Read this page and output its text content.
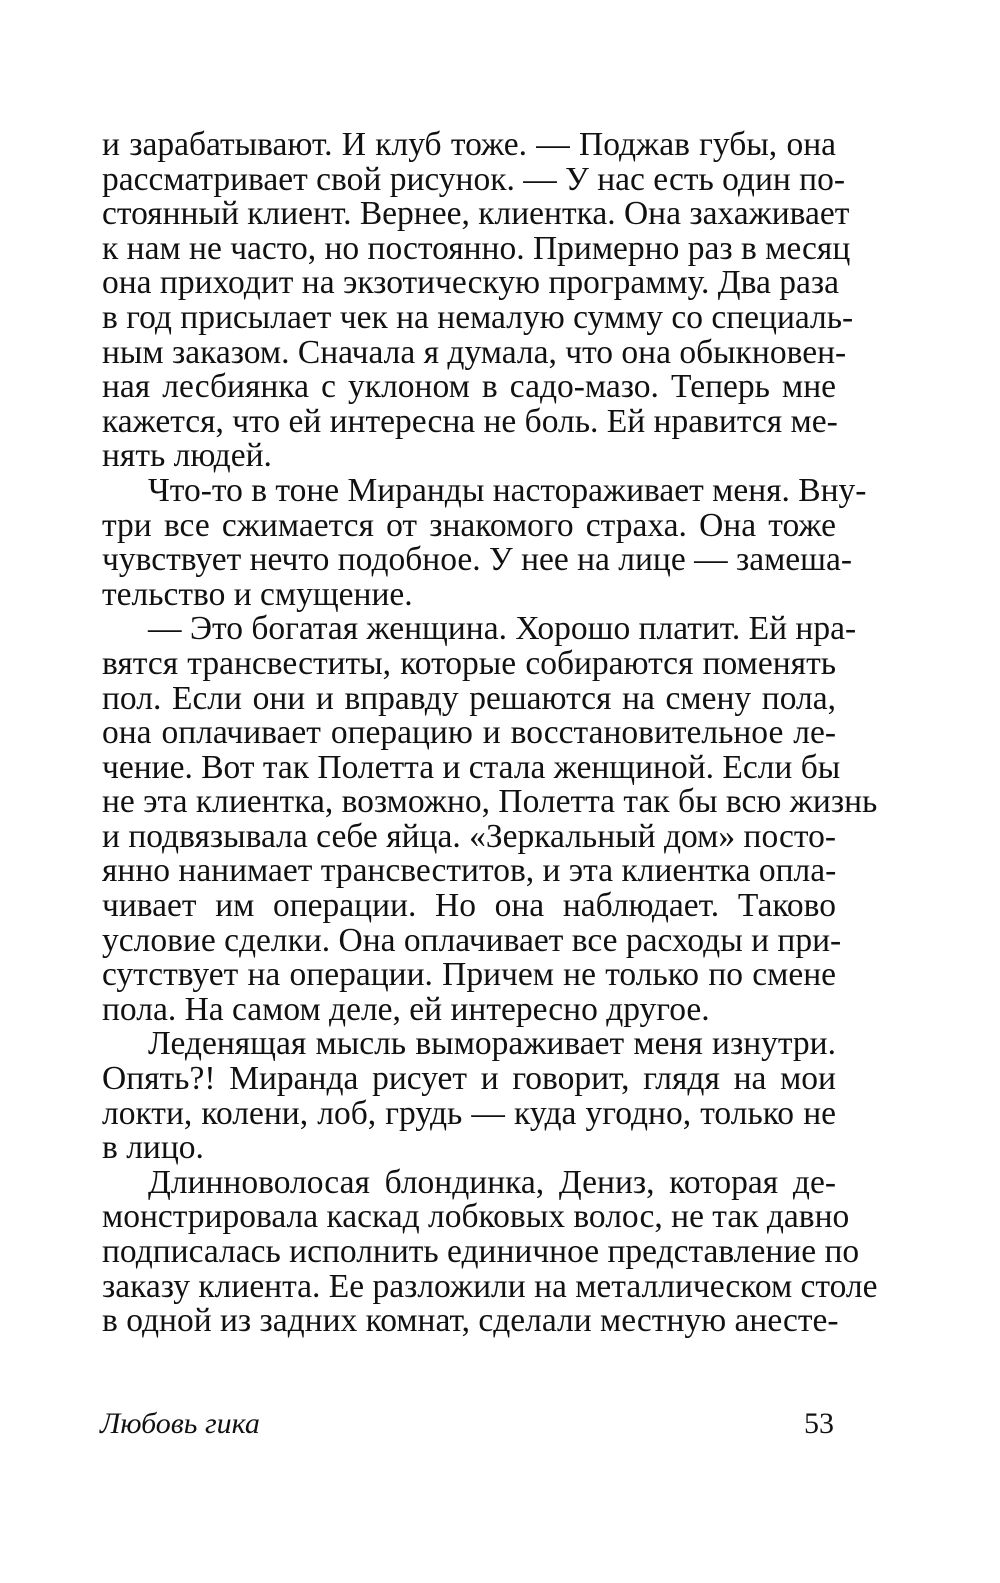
и зарабатывают. И клуб тоже. — Поджав губы, она
рассматривает свой рисунок. — У нас есть один по-
стоянный клиент. Вернее, клиентка. Она захаживает
к нам не часто, но постоянно. Примерно раз в месяц
она приходит на экзотическую программу. Два раза
в год присылает чек на немалую сумму со специаль-
ным заказом. Сначала я думала, что она обыкновен-
ная лесбиянка с уклоном в садо-мазо. Теперь мне
кажется, что ей интересна не боль. Ей нравится ме-
нять людей.
Что-то в тоне Миранды настораживает меня. Вну-
три все сжимается от знакомого страха. Она тоже
чувствует нечто подобное. У нее на лице — замеша-
тельство и смущение.
— Это богатая женщина. Хорошо платит. Ей нра-
вятся трансвеститы, которые собираются поменять
пол. Если они и вправду решаются на смену пола,
она оплачивает операцию и восстановительное ле-
чение. Вот так Полетта и стала женщиной. Если бы
не эта клиентка, возможно, Полетта так бы всю жизнь
и подвязывала себе яйца. «Зеркальный дом» посто-
янно нанимает трансвеститов, и эта клиентка опла-
чивает им операции. Но она наблюдает. Таково
условие сделки. Она оплачивает все расходы и при-
сутствует на операции. Причем не только по смене
пола. На самом деле, ей интересно другое.
Леденящая мысль выморaживает меня изнутри.
Опять?! Миранда рисует и говорит, глядя на мои
локти, колени, лоб, грудь — куда угодно, только не
в лицо.
Длинноволосая блондинка, Дениз, которая де-
монстрировала каскад лобковых волос, не так давно
подписалась исполнить единичное представление по
заказу клиента. Ее разложили на металлическом столе
в одной из задних комнат, сделали местную анесте-
Любовь гика	53
